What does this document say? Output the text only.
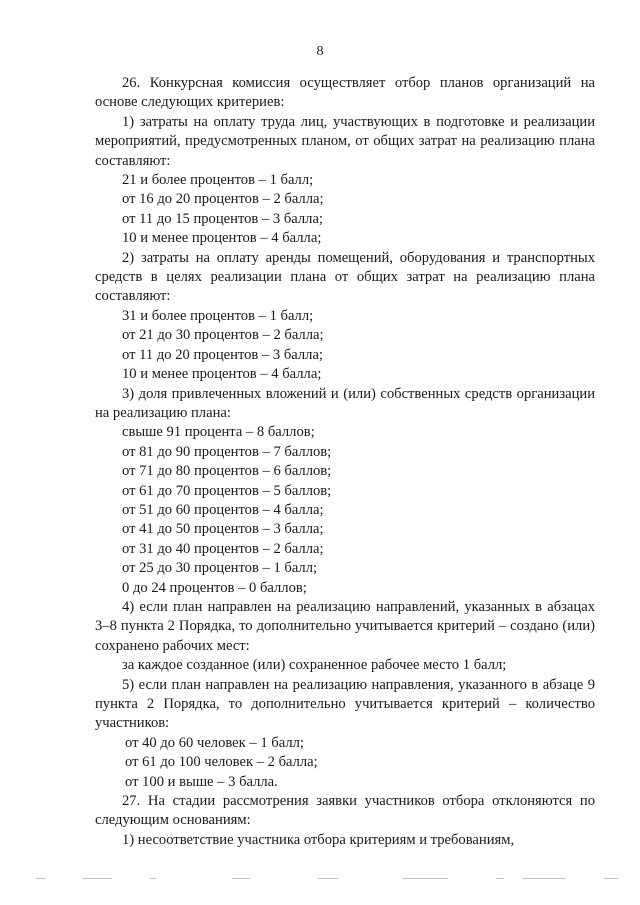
8

26. Конкурсная комиссия осуществляет отбор планов организаций на основе следующих критериев:

1) затраты на оплату труда лиц, участвующих в подготовке и реализации мероприятий, предусмотренных планом, от общих затрат на реализацию плана составляют:

21 и более процентов – 1 балл;

от 16 до 20 процентов – 2 балла;

от 11 до 15 процентов – 3 балла;

10 и менее процентов – 4 балла;

2) затраты на оплату аренды помещений, оборудования и транспортных средств в целях реализации плана от общих затрат на реализацию плана составляют:

31 и более процентов – 1 балл;

от 21 до 30 процентов – 2 балла;

от 11 до 20 процентов – 3 балла;

10 и менее процентов – 4 балла;

3) доля привлеченных вложений и (или) собственных средств организации на реализацию плана:

свыше 91 процента – 8 баллов;

от 81 до 90 процентов – 7 баллов;

от 71 до 80 процентов – 6 баллов;

от 61 до 70 процентов – 5 баллов;

от 51 до 60 процентов – 4 балла;

от 41 до 50 процентов – 3 балла;

от 31 до 40 процентов – 2 балла;

от 25 до 30 процентов – 1 балл;

0 до 24 процентов – 0 баллов;

4) если план направлен на реализацию направлений, указанных в абзацах 3–8 пункта 2 Порядка, то дополнительно учитывается критерий – создано (или) сохранено рабочих мест:

за каждое созданное (или) сохраненное рабочее место 1 балл;

5) если план направлен на реализацию направления, указанного в абзаце 9 пункта 2 Порядка, то дополнительно учитывается критерий – количество участников:

от 40 до 60 человек – 1 балл;

от 61 до 100 человек – 2 балла;

от 100 и выше – 3 балла.

27. На стадии рассмотрения заявки участников отбора отклоняются по следующим основаниям:

1) несоответствие участника отбора критериям и требованиям,
